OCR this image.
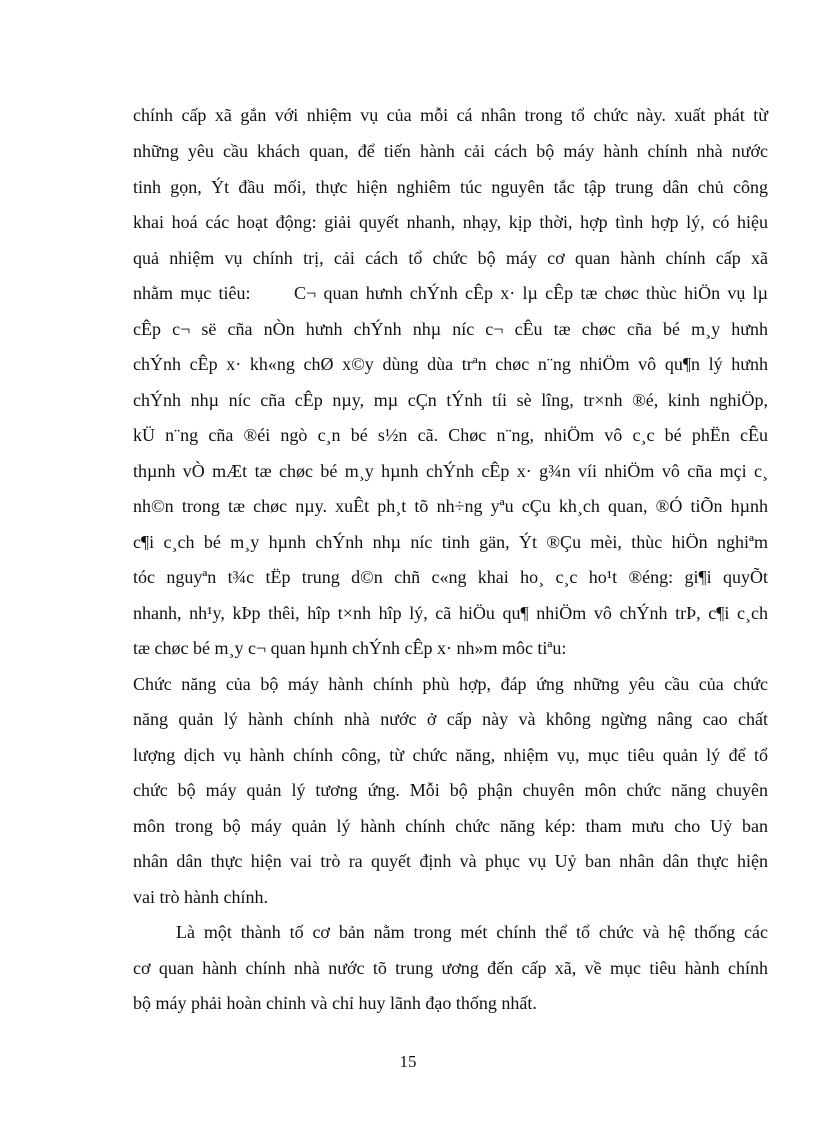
chính cấp xã gắn với nhiệm vụ của mỗi cá nhân trong tổ chức này. xuất phát từ
những yêu cầu khách quan, để tiến hành cải cách bộ máy hành chính nhà nước
tinh gọn, Ýt đầu mối, thực hiện nghiêm túc nguyên tắc tập trung dân chủ công
khai hoá các hoạt động: giải quyết nhanh, nhạy, kịp thời, hợp tình hợp lý, có hiệu
quả nhiệm vụ chính trị, cải cách tổ chức bộ máy cơ quan hành chính cấp xã
nhằm mục tiêu:      C¬ quan hưnh chÝnh cÊp x· lµ cÊp tæ chøc thùc hiÖn vụ lµ
cÊp c¬ së cña nÒn hưnh chÝnh nhµ níc c¬ cÊu tæ chøc cña bé m¸y hưnh
chÝnh cÊp x· kh«ng chØ x©y dùng dùa trªn chøc n¨ng nhiÖm vô qu¶n lý hưnh
chÝnh nhµ níc cña cÊp nµy, mµ cÇn tÝnh tíi sè lîng, tr×nh ®é, kinh nghiÖp,
kÜ n¨ng cña ®éi ngò c¸n bé s½n cã. Chøc n¨ng, nhiÖm vô c¸c bé phËn cÊu
thµnh vÒ mÆt tæ chøc bé m¸y hµnh chÝnh cÊp x· g¾n víi nhiÖm vô cña mçi c¸
nh©n trong tæ chøc nµy. xuÊt ph¸t tõ nh÷ng yªu cÇu kh¸ch quan, ®Ó tiÕn hµnh
c¶i c¸ch bé m¸y hµnh chÝnh nhµ níc tinh gän, Ýt ®Çu mèi, thùc hiÖn nghiªm
tóc nguyªn t¾c tËp trung d©n chñ c«ng khai ho¸ c¸c ho¹t ®éng: gi¶i quyÕt
nhanh, nh¹y, kÞp thêi, hîp t×nh hîp lý, cã hiÖu qu¶ nhiÖm vô chÝnh trÞ, c¶i c¸ch
tæ chøc bé m¸y c¬ quan hµnh chÝnh cÊp x· nh»m môc tiªu:
Chức năng của bộ máy hành chính phù hợp, đáp ứng những yêu cầu của chức
năng quản lý hành chính nhà nước ở cấp này và không ngừng nâng cao chất
lượng dịch vụ hành chính công, từ chức năng, nhiệm vụ, mục tiêu quản lý để tổ
chức bộ máy quản lý tương ứng. Mỗi bộ phận chuyên môn chức năng chuyên
môn trong bộ máy quản lý hành chính chức năng kép: tham mưu cho Uỷ ban
nhân dân thực hiện vai trò ra quyết định và phục vụ Uỷ ban nhân dân thực hiện
vai trò hành chính.
Là một thành tố cơ bản nằm trong mét chính thể tổ chức và hệ thống các
cơ quan hành chính nhà nước tõ trung ương đến cấp xã, về mục tiêu hành chính
bộ máy phải hoàn chỉnh và chỉ huy lãnh đạo thống nhất.
15
